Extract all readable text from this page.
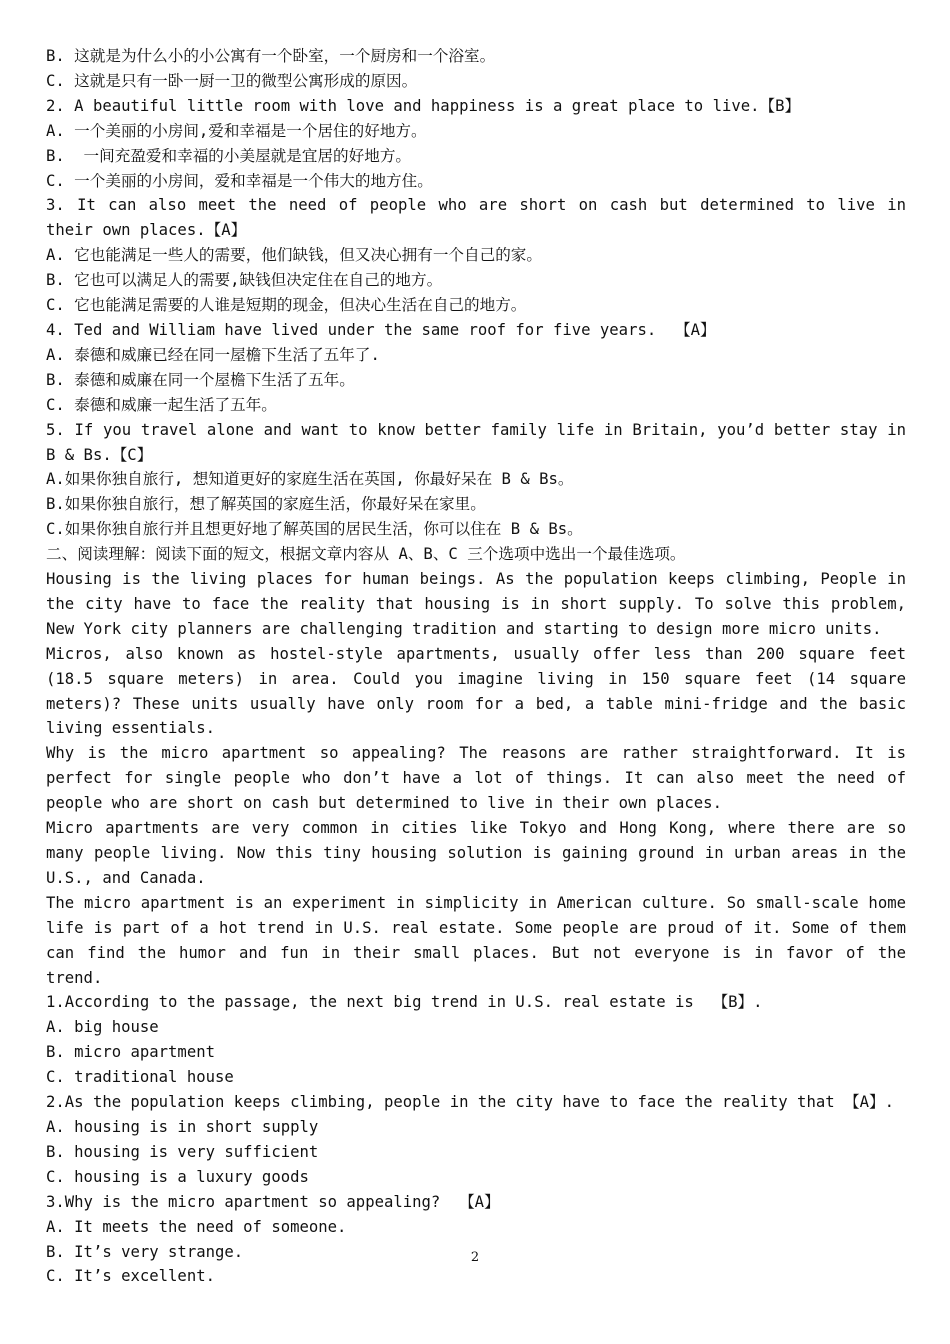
B. 这就是为什么小的小公寓有一个卧室，一个厨房和一个浴室。

C. 这就是只有一卧一厨一卫的微型公寓形成的原因。

2. A beautiful little room with love and happiness is a great place to live.【B】

A. 一个美丽的小房间,爱和幸福是一个居住的好地方。

B.  一间充盈爱和幸福的小美屋就是宜居的好地方。

C. 一个美丽的小房间，爱和幸福是一个伟大的地方住。

3. It can also meet the need of people who are short on cash but determined to live in their own places.【A】

A. 它也能满足一些人的需要，他们缺钱，但又决心拥有一个自己的家。

B. 它也可以满足人的需要,缺钱但决定住在自己的地方。

C. 它也能满足需要的人谁是短期的现金，但决心生活在自己的地方。

4. Ted and William have lived under the same roof for five years.  【A】

A. 泰德和威廉已经在同一屋檐下生活了五年了.

B. 泰德和威廉在同一个屋檐下生活了五年。

C. 泰德和威廉一起生活了五年。

5. If you travel alone and want to know better family life in Britain, you’d better stay in B & Bs.【C】

A.如果你独自旅行, 想知道更好的家庭生活在英国, 你最好呆在 B & Bs。

B.如果你独自旅行，想了解英国的家庭生活，你最好呆在家里。

C.如果你独自旅行并且想更好地了解英国的居民生活，你可以住在 B & Bs。

二、阅读理解：阅读下面的短文，根据文章内容从 A、B、C 三个选项中选出一个最佳选项。

Housing is the living places for human beings. As the population keeps climbing, People in the city have to face the reality that housing is in short supply. To solve this problem, New York city planners are challenging tradition and starting to design more micro units.

Micros, also known as hostel-style apartments, usually offer less than 200 square feet (18.5 square meters) in area. Could you imagine living in 150 square feet (14 square meters)? These units usually have only room for a bed, a table mini-fridge and the basic living essentials.

Why is the micro apartment so appealing? The reasons are rather straightforward. It is perfect for single people who don’t have a lot of things. It can also meet the need of people who are short on cash but determined to live in their own places.

Micro apartments are very common in cities like Tokyo and Hong Kong, where there are so many people living. Now this tiny housing solution is gaining ground in urban areas in the U.S., and Canada.

The micro apartment is an experiment in simplicity in American culture. So small-scale home life is part of a hot trend in U.S. real estate. Some people are proud of it. Some of them can find the humor and fun in their small places. But not everyone is in favor of the trend.

1.According to the passage, the next big trend in U.S. real estate is  【B】.

A. big house

B. micro apartment

C. traditional house

2.As the population keeps climbing, people in the city have to face the reality that 【A】.

A. housing is in short supply

B. housing is very sufficient

C. housing is a luxury goods

3.Why is the micro apartment so appealing?  【A】

A. It meets the need of someone.

B. It’s very strange.

C. It’s excellent.

2
